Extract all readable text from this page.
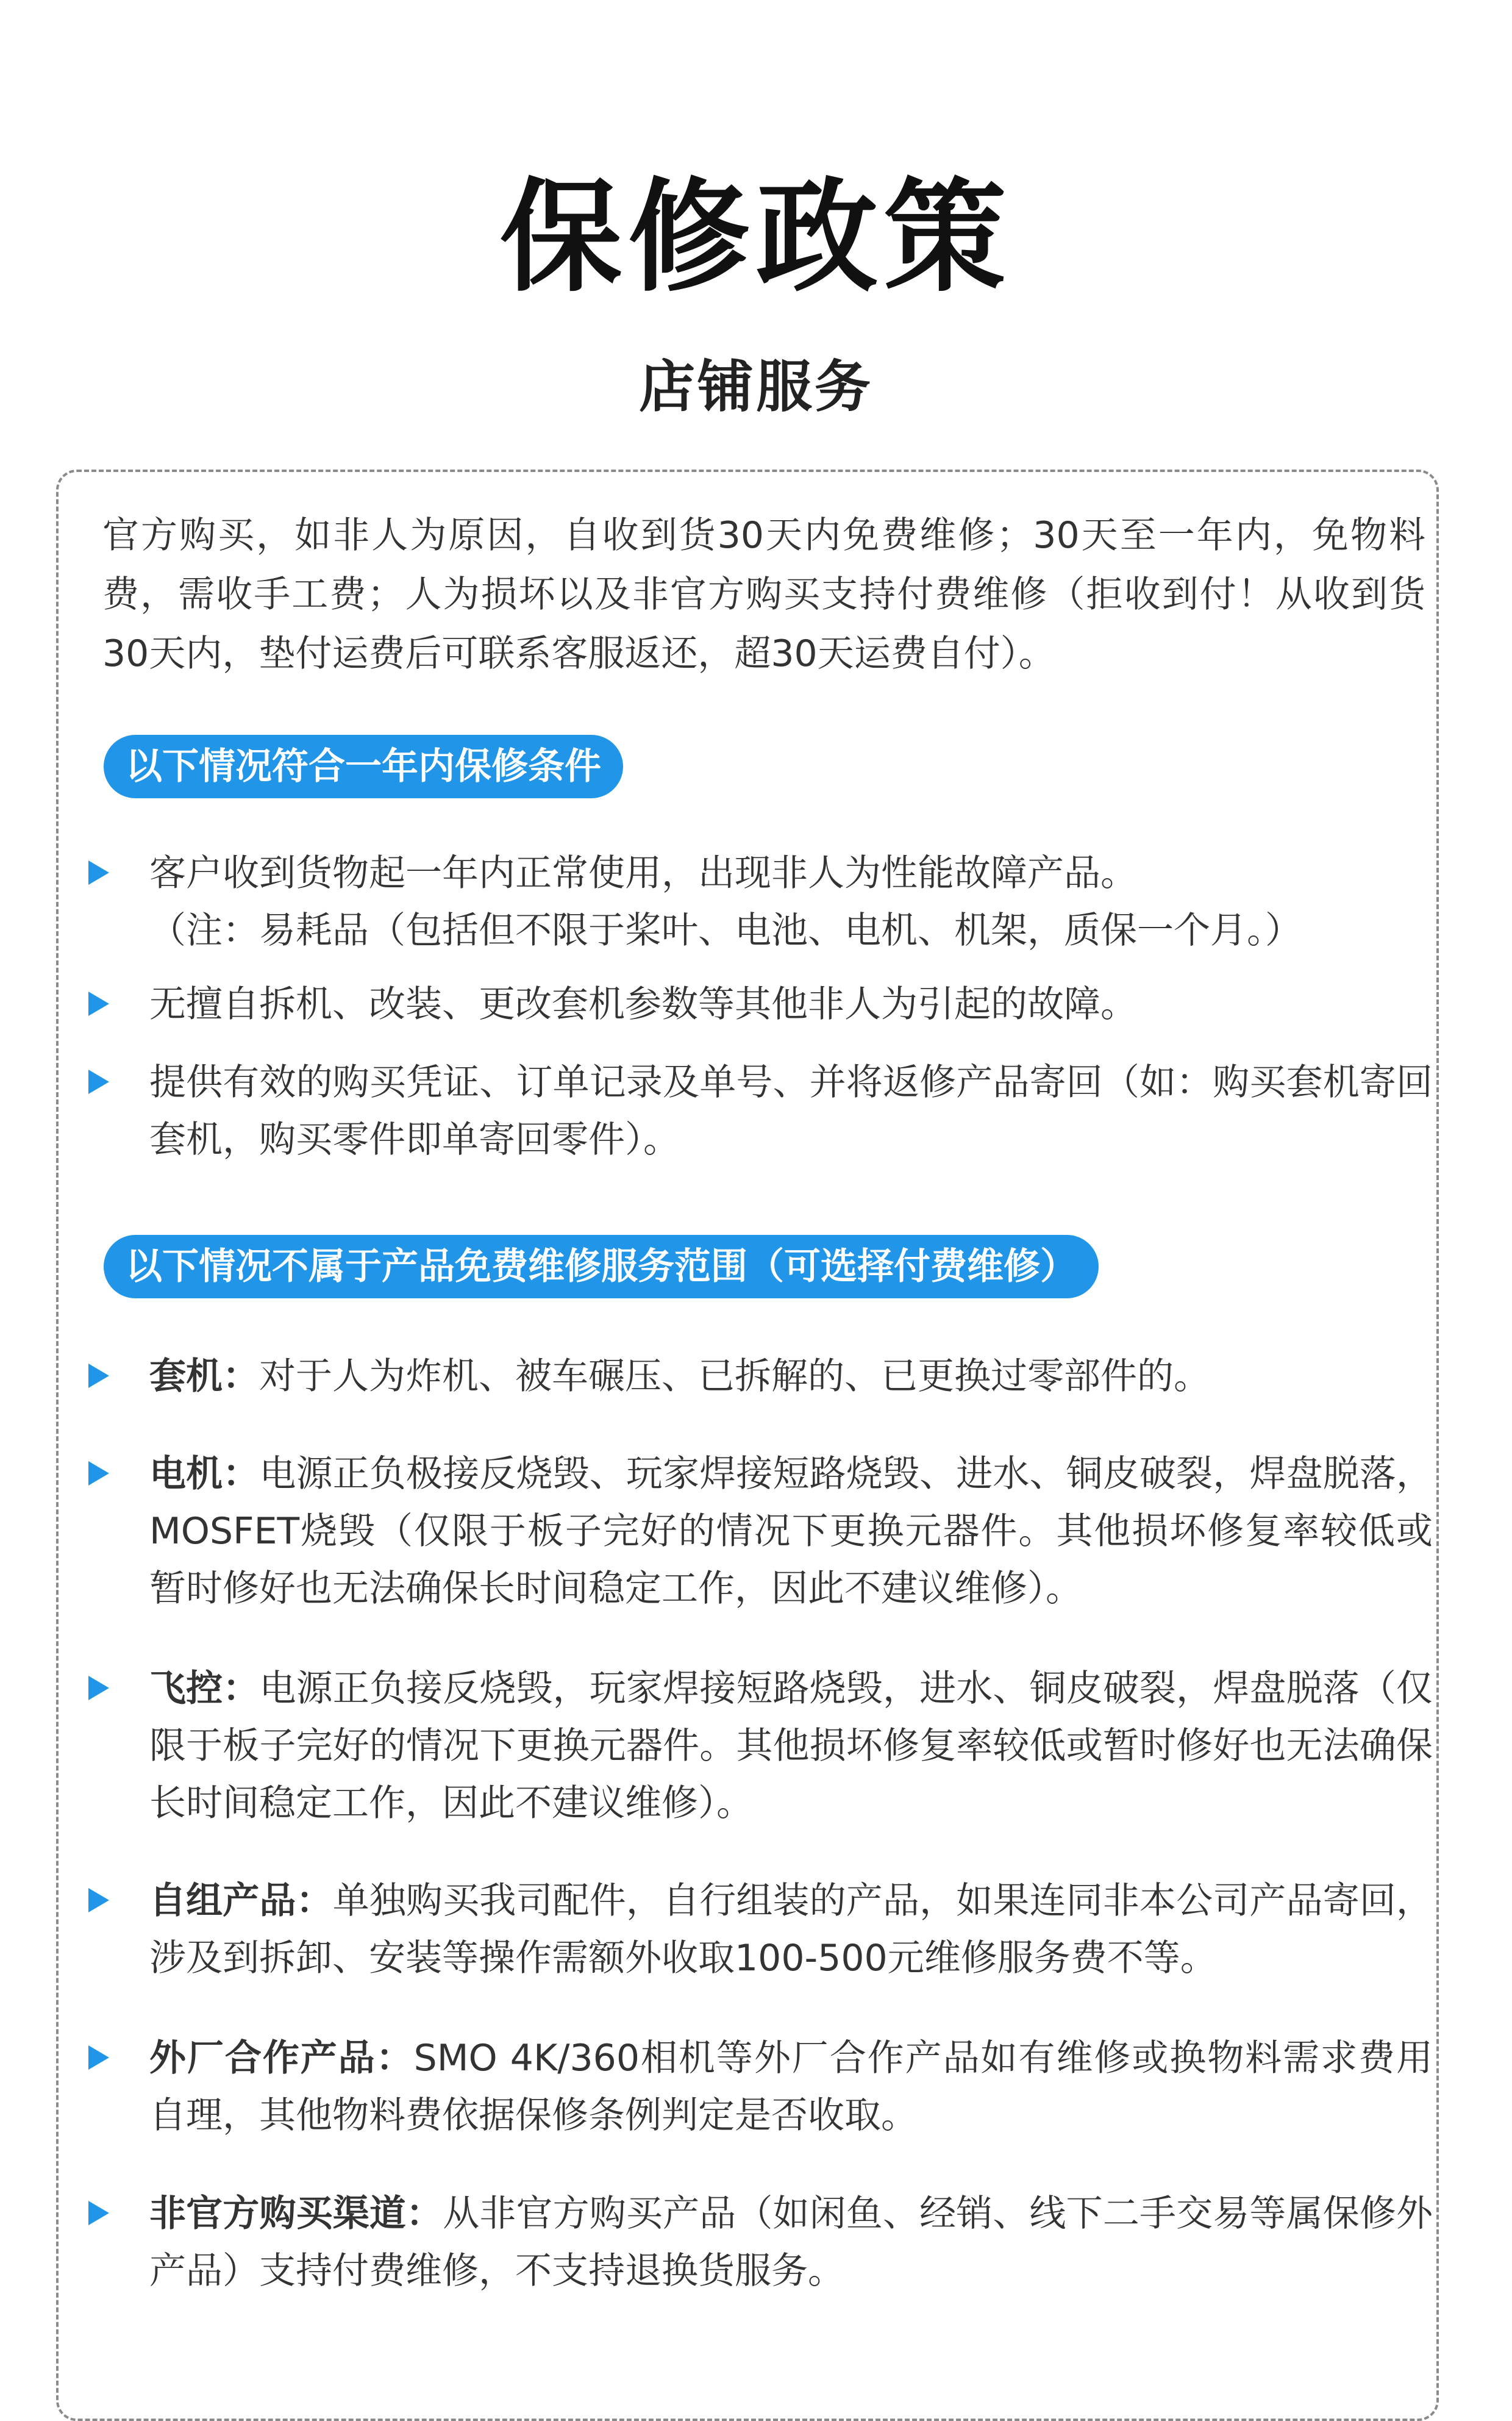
保修政策
店铺服务

官方购买，如非人为原因，自收到货30天内免费维修；30天至一年内，免物料费，需收手工费；人为损坏以及非官方购买支持付费维修（拒收到付！从收到货30天内，垫付运费后可联系客服返还，超30天运费自付）。

以下情况符合一年内保修条件
客户收到货物起一年内正常使用，出现非人为性能故障产品。
（注：易耗品（包括但不限于桨叶、电池、电机、机架，质保一个月。）
无擅自拆机、改装、更改套机参数等其他非人为引起的故障。
提供有效的购买凭证、订单记录及单号、并将返修产品寄回（如：购买套机寄回套机，购买零件即单寄回零件）。
以下情况不属于产品免费维修服务范围（可选择付费维修）
套机：对于人为炸机、被车碾压、已拆解的、已更换过零部件的。
电机：电源正负极接反烧毁、玩家焊接短路烧毁、进水、铜皮破裂，焊盘脱落，MOSFET烧毁（仅限于板子完好的情况下更换元器件。其他损坏修复率较低或暂时修好也无法确保长时间稳定工作，因此不建议维修）。
飞控：电源正负接反烧毁，玩家焊接短路烧毁，进水、铜皮破裂，焊盘脱落（仅限于板子完好的情况下更换元器件。其他损坏修复率较低或暂时修好也无法确保长时间稳定工作，因此不建议维修）。
自组产品：单独购买我司配件，自行组装的产品，如果连同非本公司产品寄回，涉及到拆卸、安装等操作需额外收取100-500元维修服务费不等。
外厂合作产品：SMO 4K/360相机等外厂合作产品如有维修或换物料需求费用自理，其他物料费依据保修条例判定是否收取。
非官方购买渠道：从非官方购买产品（如闲鱼、经销、线下二手交易等属保修外产品）支持付费维修，不支持退换货服务。
